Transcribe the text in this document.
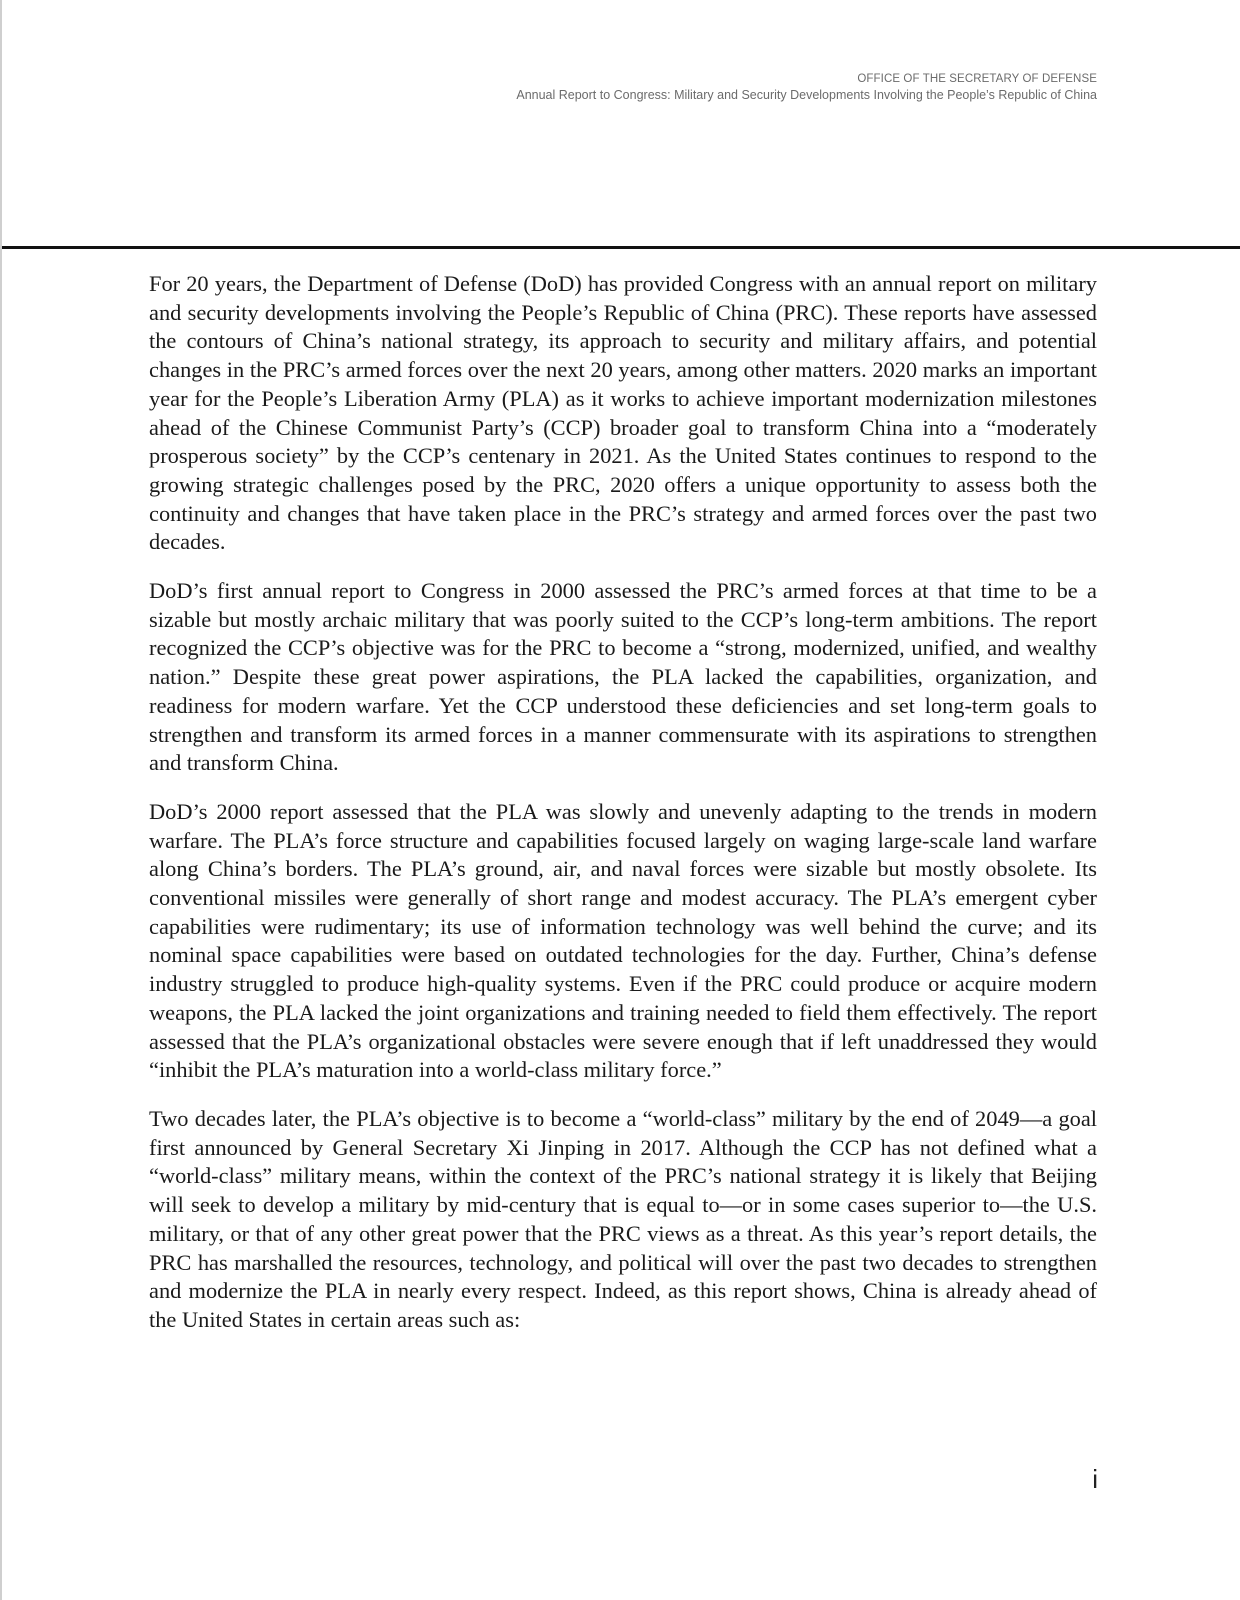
OFFICE OF THE SECRETARY OF DEFENSE
Annual Report to Congress: Military and Security Developments Involving the People’s Republic of China

For 20 years, the Department of Defense (DoD) has provided Congress with an annual report on military and security developments involving the People’s Republic of China (PRC). These reports have assessed the contours of China’s national strategy, its approach to security and military affairs, and potential changes in the PRC’s armed forces over the next 20 years, among other matters. 2020 marks an important year for the People’s Liberation Army (PLA) as it works to achieve important modernization milestones ahead of the Chinese Communist Party’s (CCP) broader goal to transform China into a “moderately prosperous society” by the CCP’s centenary in 2021. As the United States continues to respond to the growing strategic challenges posed by the PRC, 2020 offers a unique opportunity to assess both the continuity and changes that have taken place in the PRC’s strategy and armed forces over the past two decades.

DoD’s first annual report to Congress in 2000 assessed the PRC’s armed forces at that time to be a sizable but mostly archaic military that was poorly suited to the CCP’s long-term ambitions. The report recognized the CCP’s objective was for the PRC to become a “strong, modernized, unified, and wealthy nation.” Despite these great power aspirations, the PLA lacked the capabilities, organization, and readiness for modern warfare. Yet the CCP understood these deficiencies and set long-term goals to strengthen and transform its armed forces in a manner commensurate with its aspirations to strengthen and transform China.

DoD’s 2000 report assessed that the PLA was slowly and unevenly adapting to the trends in modern warfare. The PLA’s force structure and capabilities focused largely on waging large-scale land warfare along China’s borders. The PLA’s ground, air, and naval forces were sizable but mostly obsolete. Its conventional missiles were generally of short range and modest accuracy. The PLA’s emergent cyber capabilities were rudimentary; its use of information technology was well behind the curve; and its nominal space capabilities were based on outdated technologies for the day. Further, China’s defense industry struggled to produce high-quality systems. Even if the PRC could produce or acquire modern weapons, the PLA lacked the joint organizations and training needed to field them effectively. The report assessed that the PLA’s organizational obstacles were severe enough that if left unaddressed they would “inhibit the PLA’s maturation into a world-class military force.”

Two decades later, the PLA’s objective is to become a “world-class” military by the end of 2049—a goal first announced by General Secretary Xi Jinping in 2017. Although the CCP has not defined what a “world-class” military means, within the context of the PRC’s national strategy it is likely that Beijing will seek to develop a military by mid-century that is equal to—or in some cases superior to—the U.S. military, or that of any other great power that the PRC views as a threat. As this year’s report details, the PRC has marshalled the resources, technology, and political will over the past two decades to strengthen and modernize the PLA in nearly every respect. Indeed, as this report shows, China is already ahead of the United States in certain areas such as:

i
